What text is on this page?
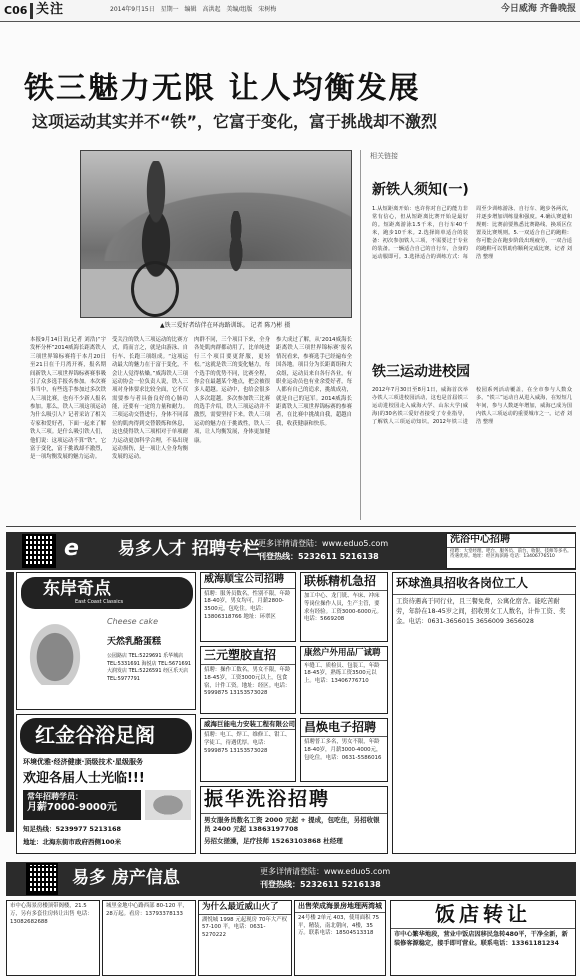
C06 关注	2014年9月15日 星期一 编辑 高洪起 美编/组版 宋树梅	今日威海 齐鲁晚报
铁三魅力无限 让人均衡发展
这项运动其实并不“铁”，它富于变化，富于挑战却不激烈
▲铁三爱好者结伴在环海路训练。 记者 陈乃彬 摄
本报9月14日讯(记者 刘浩)“宇发杯分杯”2014威海长距离铁人三项世界锦标赛将于本月20日至21日在千月湾开赛，报名期间新铁人三项世界锦标赛赛事吸引了众多选手报名参加。本次赛事当中，有些选手参加过多次铁人三项比赛，也有不少新人报名参加。那么，铁人三项这项运动为什么吸引人？记者采访了相关专家和爱好者，下面一起来了解铁人三项。是什么吸引铁人们，他们说：这项运动不算“铁”，它富于变化，富于挑战却不激烈，是一项均衡发展的魅力运动。
受关注的铁人三项运动的比赛方式，简而言之，就是由游泳、自行车、长跑三项组成。“这项运动最大的魅力在于富于变化，不会让人觉得枯燥。”威海铁人三项运动协会一位负责人说，铁人三项对身体要求比较全面，它不仅需要参与者具备良好的心肺功能，还要有一定的力量和耐力。三项运动交替进行，身体不同部位的肌肉得到交替锻炼和休息，这也使得铁人三项相对于单项耐力运动更加科学合理，不易出现运动损伤，是一项让人全身均衡发展的运动。
肉群不同，三个项目下来，全身各处肌肉群都动用了，比单纯进行三个项目要更舒服，更轻松。”这就是铁三的变化魅力，每个选手的优势不同，比赛全程，你会在最越某个地点，把会被很多人超越。运动中，也给会很多人多次超越。多次参加铁三比赛的选手介绍，铁人三项运动并不激烈，需要坚持下来。铁人三项运动的魅力在于挑战性，铁人三项，让人均衡发展，身体更加健康。
参大成过了解，从‘2014威海长距离铁人三项世界锦标赛’报名情况看来，参赛选手已经遍布全国各地。项目分为长距离组和大众组，运动员来自各行各业，有职业运动员也有业余爱好者，每人都有自己的追求，挑战成功，就是自己的冠军。2014威海长距离铁人三项世界锦标赛的参赛者，在比赛中挑战自我，超越自我，收获健康和快乐。
相关链接
新铁人须知(一)
1.从短距离开始：也许你对自己的能力非常有信心，但从短距离比赛开始是最好的。短距离游泳1.5千米，自行车40千米，跑步10千米。2.选择简单适合的装备：初次参加铁人三项，不需要过于专业的装备。一辆适合自己的自行车，合身的运动服即可。3.选择适合的训练方式：每周至少训练游泳、自行车、跑步各两次，并逐步增加训练量和强度。4.确认赛道和规则：比赛前要熟悉比赛路线、换项区位置及比赛规则。5.一双适合自己的跑鞋：你可能会在跑步阶段出现疲劳，一双合适的跑鞋可以帮助你顺利完成比赛。记者 刘浩 整理
铁三运动进校园
2012年7月30日至8月1日，威海首次举办铁人三项进校园活动，这也是首届铁三运动进校园走入威海大学、山东大学(威海)的30名铁三爱好者接受了专业指导，了解铁人三项运动知识。2012年铁三进校园系列活动覆盖，在全市参与人数众多。“铁三”运动自从进入威海，在短短几年间，参与人数逐年增加，威海已成为国内铁人三项运动的重要城市之一。记者 刘浩 整理
e 易多人才 招聘专栏
更多详情请登陆：www.eduo5.com
刊登热线：5232611 5216138
洗浴中心招聘

招聘：大堂经理、吧台、服务员、前台、收银、技师等多名。待遇优厚。地址：经区海滨路 电话：13406776510

东岸奇点
East Coast Classics
Cheese cake
天然乳酪蛋糕
公园路店 TEL:5229691 乐华城店 TEL:5331691 海悦店 TEL:5671691 大润发店 TEL:5226591 经区乐天店 TEL:5977791
红金谷浴足阁
环境优雅·经济健康·顶级技术·星级服务
欢迎各届人士光临!!!
常年招聘学员：
月薪7000-9000元
知足热线：5239977 5213168
地址：北海东街市政府西侧100米
威海顺宝公司招聘

招聘：服务员数名，性别不限，年龄18-40岁，男女均可，月薪2800-3500元，包吃住。电话：13806318766 地址：环翠区

三元塑胶直招

招聘：操作工数名，男女不限，年龄18-45岁，工资3000元以上，包食宿，计件工资。地址：经区。电话：5999875 13153573028

威海巨能电力安装工程有限公司

招聘：电工、焊工、维修工、钳工、学徒工，待遇优厚。电话：5999875 13153573028

联栎精机急招

加工中心、龙门铣、车床、冲床等岗位操作人员，生产主管，要求有经验。工资3000-6000元。电话：5669208

康然户外用品厂诚聘

车缝工、质检员、包装工，年龄18-45岁，熟练工资3500元以上。电话：13406776710

昌焕电子招聘

招聘普工多名，男女不限，年龄18-40岁，月薪3000-4000元，包吃住。电话：0631-5586016

振华洗浴招聘

男女服务员数名工资 2000 元起 + 提成，包吃住，另招收银员 2400 元起 13863197708

另招女搓澡，足疗技师 15263103868 杜经理

环球渔具招收各岗位工人

工资待遇高于同行业，且三餐免费，公寓化宿舍。能吃苦耐劳，年龄在18-45岁之间，招收男女工人数名，计件工资、奖金。电话：0631-3656015 3656009 3656028

易多 房产信息	更多详情请登陆：www.eduo5.com
刊登热线：5232611 5216138

市中心海景房楼顶带阁楼，21.5万，另有多套住房转让出售 电话：13082682688

城里金地中心路西部 80-120 平，28万起。看房：13793378133

为什么最近威山火了

湖悦城 1998 元起现房 70年大产权 57-100 平。电话：0631-5270222

出售荣成海景房地理两湾城

24号楼 2单元 403，使用面积 75 平，精装，南北朝向，4楼，35万。联系电话：18504513318

饭店转让

市中心繁华地段，营业中饭店因移民急转480平，干净全新，新装修客源稳定，接手即可营业。联系电话：13361181234
